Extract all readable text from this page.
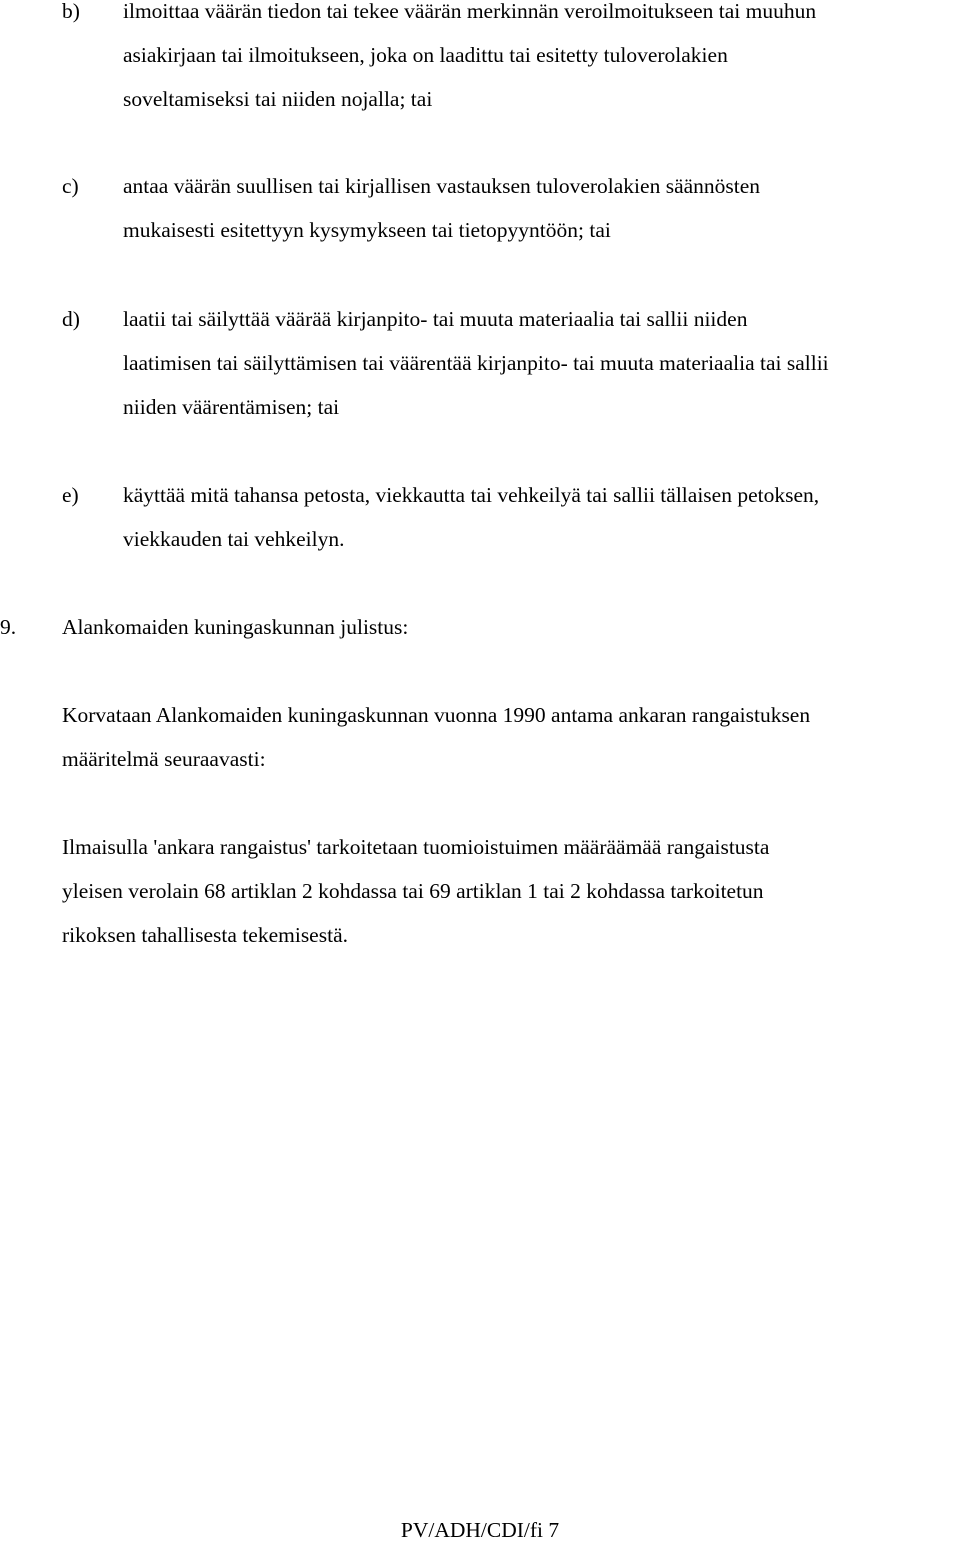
b) ilmoittaa väärän tiedon tai tekee väärän merkinnän veroilmoitukseen tai muuhun
asiakirjaan tai ilmoitukseen, joka on laadittu tai esitetty tuloverolakien
soveltamiseksi tai niiden nojalla; tai
c) antaa väärän suullisen tai kirjallisen vastauksen tuloverolakien säännösten
mukaisesti esitettyyn kysymykseen tai tietopyyntöön; tai
d) laatii tai säilyttää väärää kirjanpito- tai muuta materiaalia tai sallii niiden
laatimisen tai säilyttämisen tai väärentää kirjanpito- tai muuta materiaalia tai sallii
niiden väärentämisen; tai
e) käyttää mitä tahansa petosta, viekkautta tai vehkeilyä tai sallii tällaisen petoksen,
viekkauden tai vehkeilyn.
9. Alankomaiden kuningaskunnan julistus:
Korvataan Alankomaiden kuningaskunnan vuonna 1990 antama ankaran rangaistuksen
määritelmä seuraavasti:
Ilmaisulla 'ankara rangaistus' tarkoitetaan tuomioistuimen määräämää rangaistusta
yleisen verolain 68 artiklan 2 kohdassa tai 69 artiklan 1 tai 2 kohdassa tarkoitetun
rikoksen tahallisesta tekemisestä.
PV/ADH/CDI/fi 7
